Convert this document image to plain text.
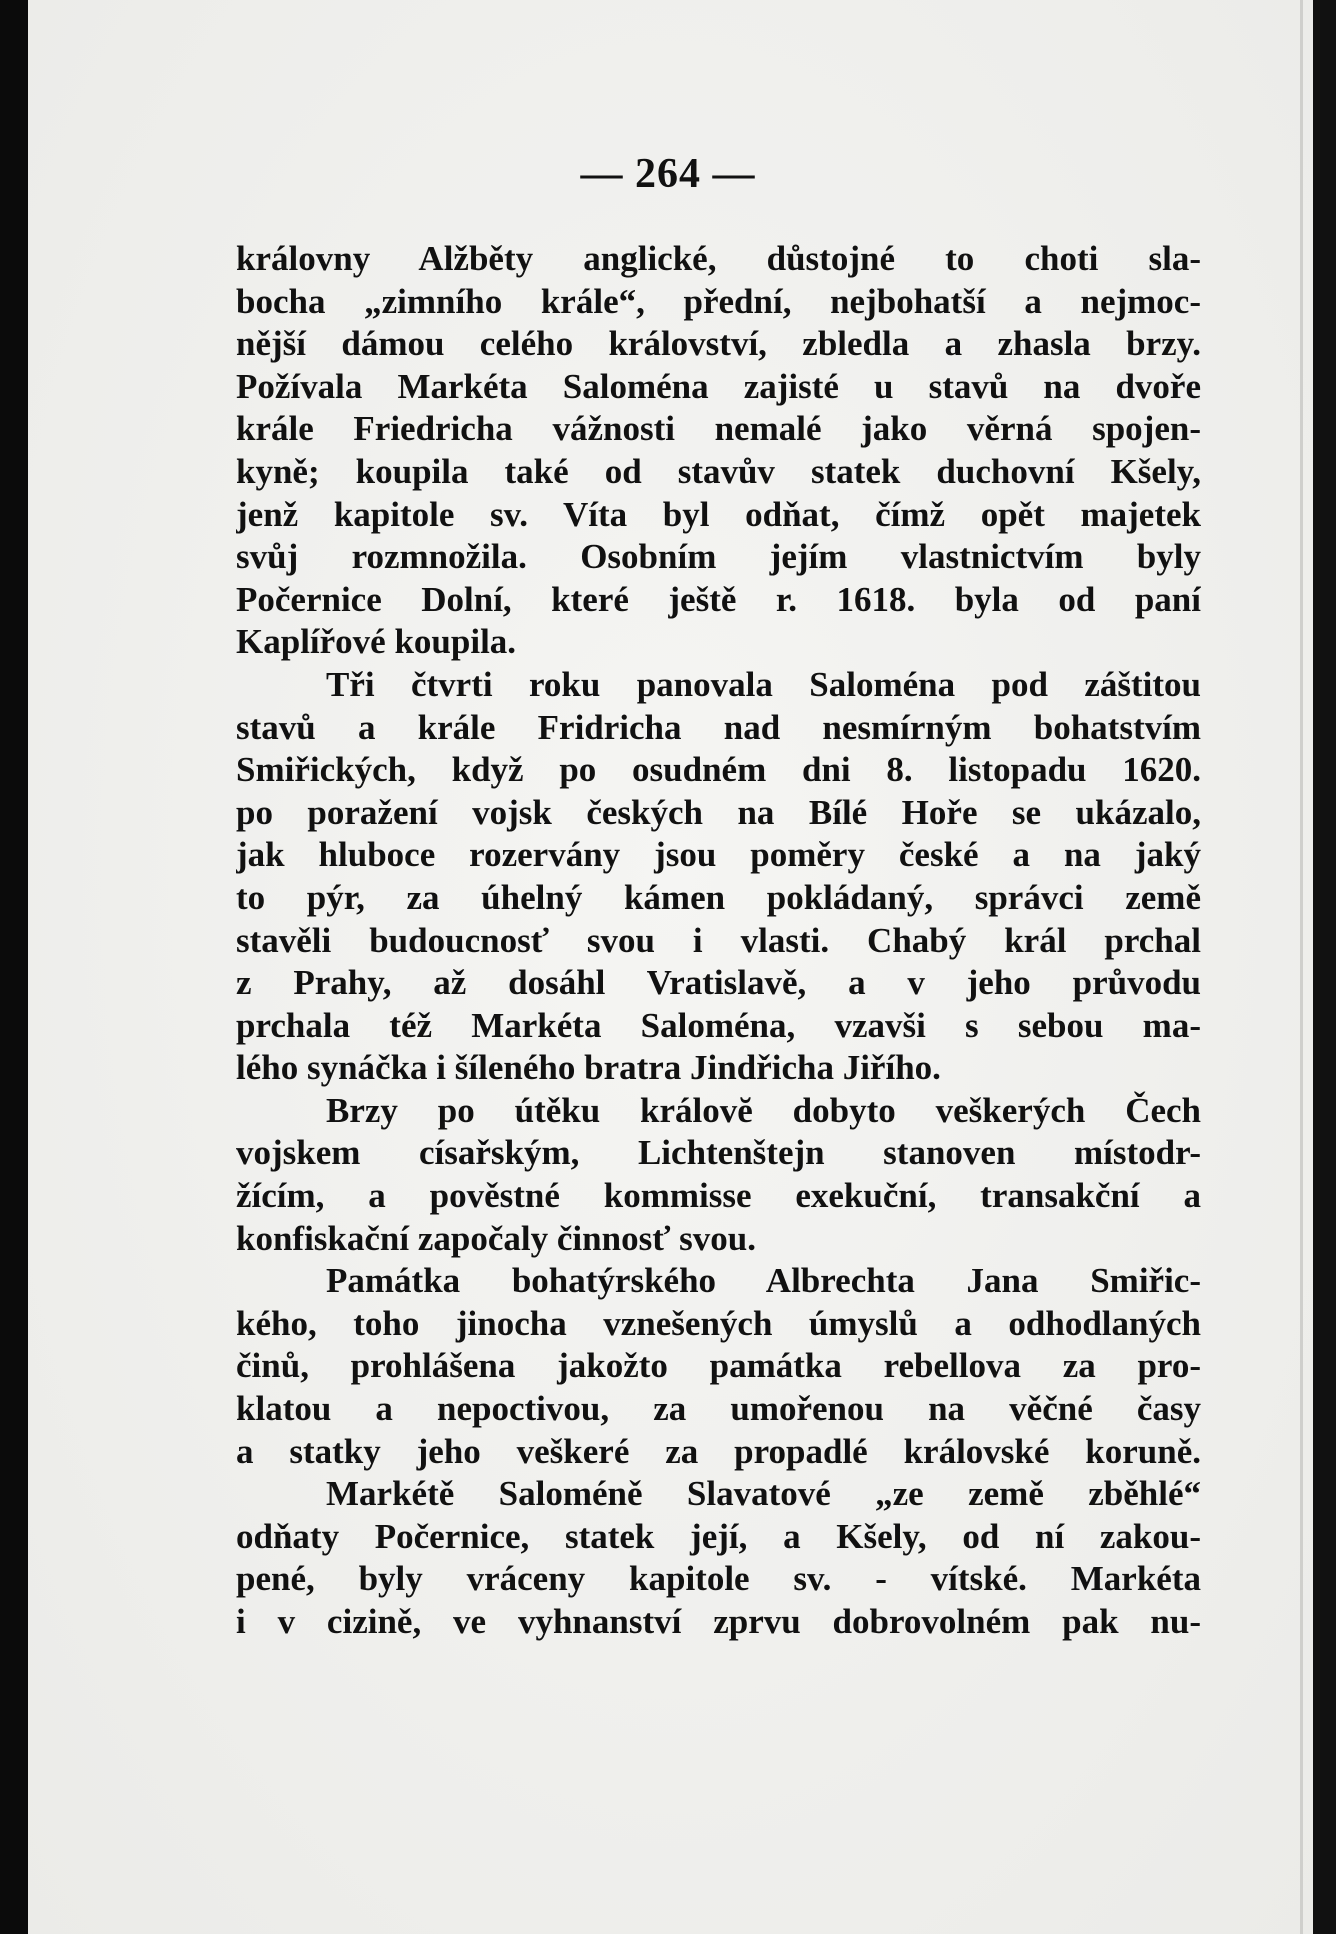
— 264 —
královny Alžběty anglické, důstojné to choti sla-
bocha „zimního krále“, přední, nejbohatší a nejmoc-
nější dámou celého království, zbledla a zhasla brzy.
Požívala Markéta Saloména zajisté u stavů na dvoře
krále Friedricha vážnosti nemalé jako věrná spojen-
kyně; koupila také od stavův statek duchovní Kšely,
jenž kapitole sv. Víta byl odňat, čímž opět majetek
svůj rozmnožila. Osobním jejím vlastnictvím byly
Počernice Dolní, které ještě r. 1618. byla od paní
Kaplířové koupila.
Tři čtvrti roku panovala Saloména pod záštitou
stavů a krále Fridricha nad nesmírným bohatstvím
Smiřických, když po osudném dni 8. listopadu 1620.
po poražení vojsk českých na Bílé Hoře se ukázalo,
jak hluboce rozervány jsou poměry české a na jaký
to pýr, za úhelný kámen pokládaný, správci země
stavěli budoucnosť svou i vlasti. Chabý král prchal
z Prahy, až dosáhl Vratislavě, a v jeho průvodu
prchala též Markéta Saloména, vzavši s sebou ma-
lého synáčka i šíleného bratra Jindřicha Jiřího.
Brzy po útěku královĕ dobyto veškerých Čech
vojskem císařským, Lichtenštejn stanoven místodr-
žícím, a pověstné kommisse exekuční, transakční a
konfiskační započaly činnosť svou.
Památka bohatýrského Albrechta Jana Smiřic-
kého, toho jinocha vznešených úmyslů a odhodlaných
činů, prohlášena jakožto památka rebellova za pro-
klatou a nepoctivou, za umořenou na věčné časy
a statky jeho veškeré za propadlé královské koruně.
Markétě Saloméně Slavatové „ze země zběhlé“
odňaty Počernice, statek její, a Kšely, od ní zakou-
pené, byly vráceny kapitole sv. - vítské. Markéta
i v cizině, ve vyhnanství zprvu dobrovolném pak nu-
